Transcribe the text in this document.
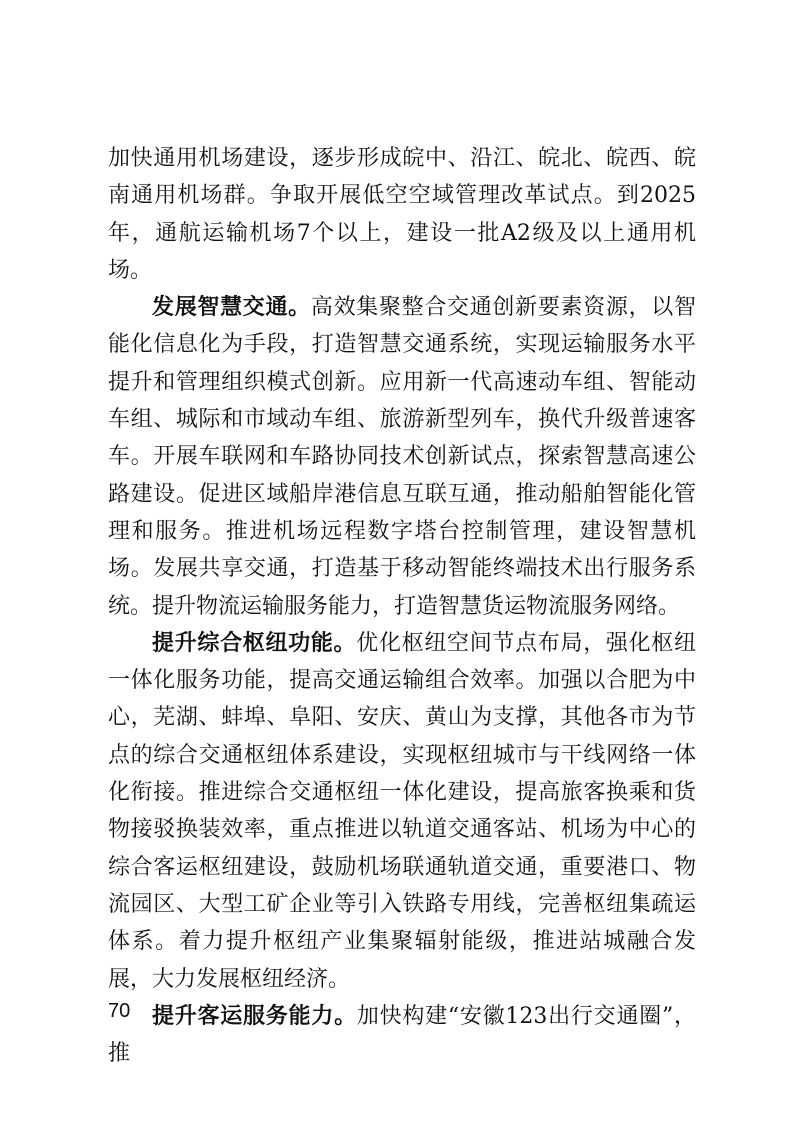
加快通用机场建设，逐步形成皖中、沿江、皖北、皖西、皖南通用机场群。争取开展低空空域管理改革试点。到2025年，通航运输机场7个以上，建设一批A2级及以上通用机场。

发展智慧交通。高效集聚整合交通创新要素资源，以智能化信息化为手段，打造智慧交通系统，实现运输服务水平提升和管理组织模式创新。应用新一代高速动车组、智能动车组、城际和市域动车组、旅游新型列车，换代升级普速客车。开展车联网和车路协同技术创新试点，探索智慧高速公路建设。促进区域船岸港信息互联互通，推动船舶智能化管理和服务。推进机场远程数字塔台控制管理，建设智慧机场。发展共享交通，打造基于移动智能终端技术出行服务系统。提升物流运输服务能力，打造智慧货运物流服务网络。

提升综合枢纽功能。优化枢纽空间节点布局，强化枢纽一体化服务功能，提高交通运输组合效率。加强以合肥为中心，芜湖、蚌埠、阜阳、安庆、黄山为支撑，其他各市为节点的综合交通枢纽体系建设，实现枢纽城市与干线网络一体化衔接。推进综合交通枢纽一体化建设，提高旅客换乘和货物接驳换装效率，重点推进以轨道交通客站、机场为中心的综合客运枢纽建设，鼓励机场联通轨道交通，重要港口、物流园区、大型工矿企业等引入铁路专用线，完善枢纽集疏运体系。着力提升枢纽产业集聚辐射能级，推进站城融合发展，大力发展枢纽经济。

提升客运服务能力。加快构建“安徽123出行交通圈”，推

70
